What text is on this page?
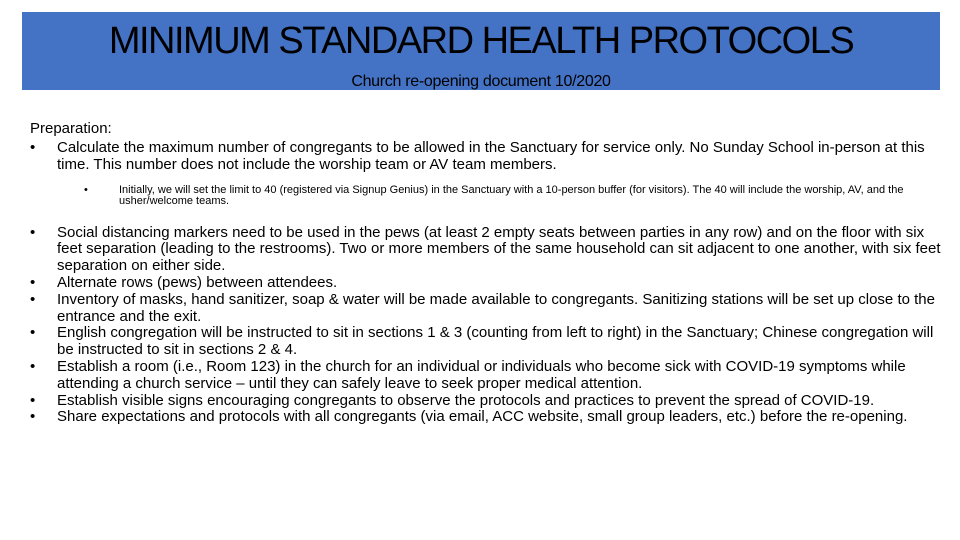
MINIMUM STANDARD HEALTH PROTOCOLS
Church re-opening document 10/2020
Preparation:
• Calculate the maximum number of congregants to be allowed in the Sanctuary for service only. No Sunday School in-person at this time. This number does not include the worship team or AV team members.
•	Initially, we will set the limit to 40 (registered via Signup Genius) in the Sanctuary with a 10-person buffer (for visitors). The 40 will include the worship, AV, and the usher/welcome teams.
• Social distancing markers need to be used in the pews (at least 2 empty seats between parties in any row) and on the floor with six feet separation (leading to the restrooms). Two or more members of the same household can sit adjacent to one another, with six feet separation on either side.
• Alternate rows (pews) between attendees.
• Inventory of masks, hand sanitizer, soap & water will be made available to congregants. Sanitizing stations will be set up close to the entrance and the exit.
• English congregation will be instructed to sit in sections 1 & 3 (counting from left to right) in the Sanctuary; Chinese congregation will be instructed to sit in sections 2 & 4.
• Establish a room (i.e., Room 123) in the church for an individual or individuals who become sick with COVID-19 symptoms while attending a church service – until they can safely leave to seek proper medical attention.
• Establish visible signs encouraging congregants to observe the protocols and practices to prevent the spread of COVID-19.
• Share expectations and protocols with all congregants (via email, ACC website, small group leaders, etc.) before the re-opening.
